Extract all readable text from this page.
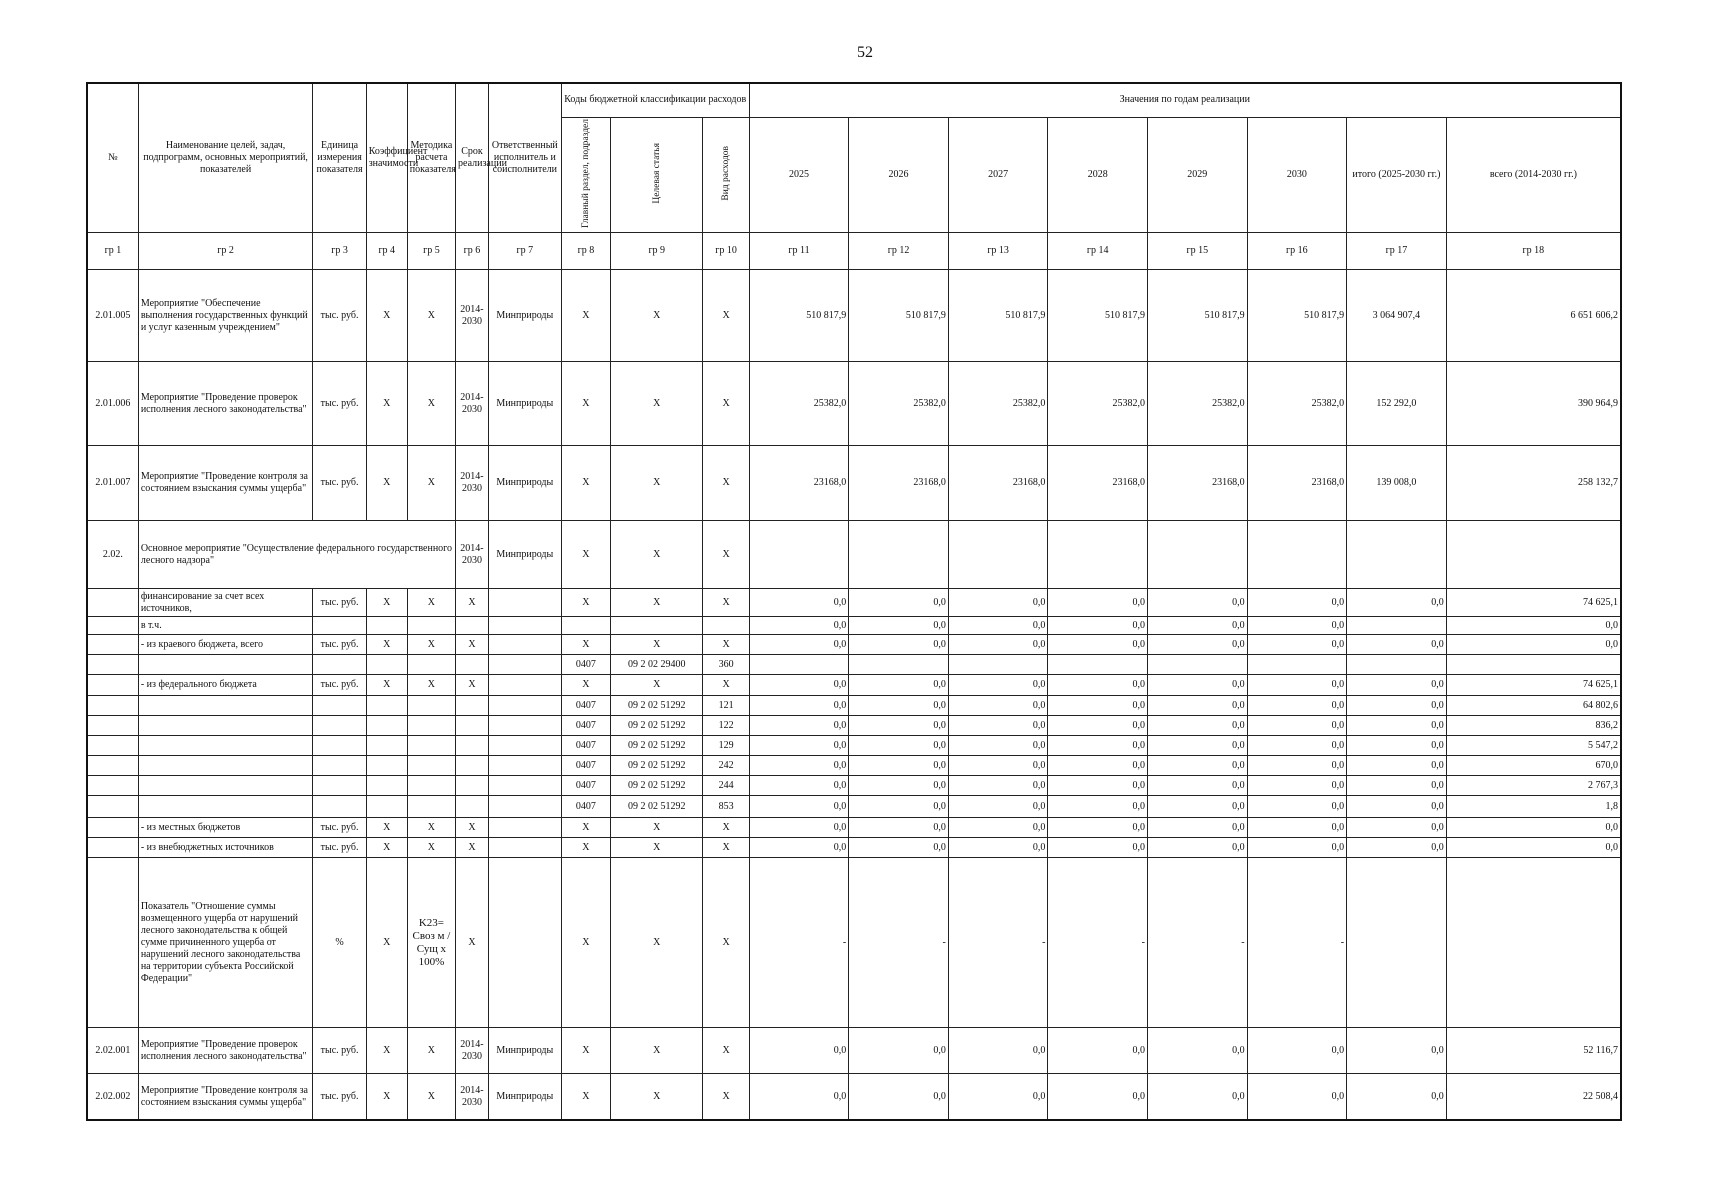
52
№	Наименование целей, задач, подпрограмм, основных мероприятий, показателей	Единица измерения показателя	Коэффициент значимости	Методика расчета показателя	Срок реализации	Ответственный исполнитель и соисполнители	Коды бюджетной классификации расходов			Значения по годам реализации							
							Главный раздел, подраздел	Целевая статья	Вид расходов	2025	2026	2027	2028	2029	2030	итого (2025-2030 гг.)	всего (2014-2030 гг.)
гр 1	гр 2	гр 3	гр 4	гр 5	гр 6	гр 7	гр 8	гр 9	гр 10	гр 11	гр 12	гр 13	гр 14	гр 15	гр 16	гр 17	гр 18
2.01.005	Мероприятие "Обеспечение выполнения государственных функций и услуг казенным учреждением"	тыс. руб.	X	X	2014-2030	Минприроды	X	X	X	510 817,9	510 817,9	510 817,9	510 817,9	510 817,9	510 817,9	3 064 907,4	6 651 606,2
2.01.006	Мероприятие "Проведение проверок исполнения лесного законодательства"	тыс. руб.	X	X	2014-2030	Минприроды	X	X	X	25382,0	25382,0	25382,0	25382,0	25382,0	25382,0	152 292,0	390 964,9
2.01.007	Мероприятие "Проведение контроля за состоянием взыскания суммы ущерба"	тыс. руб.	X	X	2014-2030	Минприроды	X	X	X	23168,0	23168,0	23168,0	23168,0	23168,0	23168,0	139 008,0	258 132,7
2.02.	Основное мероприятие "Осуществление федерального государственного лесного надзора"				2014-2030	Минприроды	X	X	X								
	финансирование за счет всех источников,	тыс. руб.	X	X	X		X	X	X	0,0	0,0	0,0	0,0	0,0	0,0	0,0	74 625,1
	в т.ч.									0,0	0,0	0,0	0,0	0,0	0,0		0,0
	- из краевого бюджета, всего	тыс. руб.	X	X	X		X	X	X	0,0	0,0	0,0	0,0	0,0	0,0	0,0	0,0
							0407	09 2 02 29400	360								
	- из федерального бюджета	тыс. руб.	X	X	X		X	X	X	0,0	0,0	0,0	0,0	0,0	0,0	0,0	74 625,1
							0407	09 2 02 51292	121	0,0	0,0	0,0	0,0	0,0	0,0	0,0	64 802,6
							0407	09 2 02 51292	122	0,0	0,0	0,0	0,0	0,0	0,0	0,0	836,2
							0407	09 2 02 51292	129	0,0	0,0	0,0	0,0	0,0	0,0	0,0	5 547,2
							0407	09 2 02 51292	242	0,0	0,0	0,0	0,0	0,0	0,0	0,0	670,0
							0407	09 2 02 51292	244	0,0	0,0	0,0	0,0	0,0	0,0	0,0	2 767,3
							0407	09 2 02 51292	853	0,0	0,0	0,0	0,0	0,0	0,0	0,0	1,8
	- из местных бюджетов	тыс. руб.	X	X	X		X	X	X	0,0	0,0	0,0	0,0	0,0	0,0	0,0	0,0
	- из внебюджетных источников	тыс. руб.	X	X	X		X	X	X	0,0	0,0	0,0	0,0	0,0	0,0	0,0	0,0
	Показатель "Отношение суммы возмещенного ущерба от нарушений лесного законодательства к общей сумме причиненного ущерба от нарушений лесного законодательства на территории субъекта Российской Федерации"	%	X	K23= Своз м / Сущ х 100%	X		X	X	X	-	-	-	-	-	-		
2.02.001	Мероприятие "Проведение проверок исполнения лесного законодательства"	тыс. руб.	X	X	2014-2030	Минприроды	X	X	X	0,0	0,0	0,0	0,0	0,0	0,0	0,0	52 116,7
2.02.002	Мероприятие "Проведение контроля за состоянием взыскания суммы ущерба"	тыс. руб.	X	X	2014-2030	Минприроды	X	X	X	0,0	0,0	0,0	0,0	0,0	0,0	0,0	22 508,4
